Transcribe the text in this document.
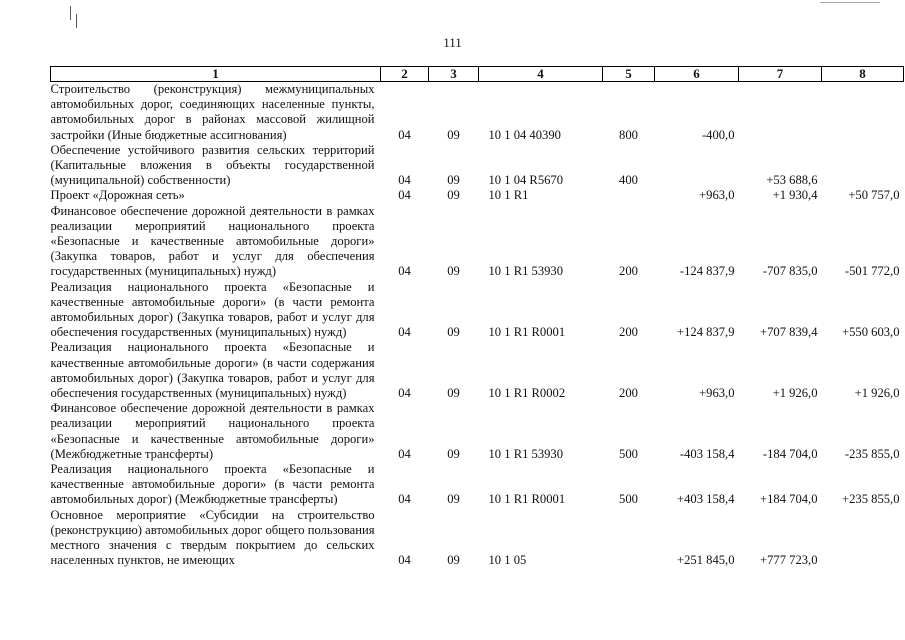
111
1	2	3	4	5	6	7	8
Строительство (реконструкция) межмуниципальных автомобильных дорог, соединяющих населенные пункты, автомобильных дорог в районах массовой жилищной застройки (Иные бюджетные ассигнования)	04	09	10 1 04 40390	800	-400,0		
Обеспечение устойчивого развития сельских территорий (Капитальные вложения в объекты государственной (муниципальной) собственности)	04	09	10 1 04 R5670	400		+53 688,6	
Проект «Дорожная сеть»	04	09	10 1 R1		+963,0	+1 930,4	+50 757,0
Финансовое обеспечение дорожной деятельности в рамках реализации мероприятий национального проекта «Безопасные и качественные автомобильные дороги» (Закупка товаров, работ и услуг для обеспечения государственных (муниципальных) нужд)	04	09	10 1 R1 53930	200	-124 837,9	-707 835,0	-501 772,0
Реализация национального проекта «Безопасные и качественные автомобильные дороги» (в части ремонта автомобильных дорог) (Закупка товаров, работ и услуг для обеспечения государственных (муниципальных) нужд)	04	09	10 1 R1 R0001	200	+124 837,9	+707 839,4	+550 603,0
Реализация национального проекта «Безопасные и качественные автомобильные дороги» (в части содержания автомобильных дорог) (Закупка товаров, работ и услуг для обеспечения государственных (муниципальных) нужд)	04	09	10 1 R1 R0002	200	+963,0	+1 926,0	+1 926,0
Финансовое обеспечение дорожной деятельности в рамках реализации мероприятий национального проекта «Безопасные и качественные автомобильные дороги» (Межбюджетные трансферты)	04	09	10 1 R1 53930	500	-403 158,4	-184 704,0	-235 855,0
Реализация национального проекта «Безопасные и качественные автомобильные дороги» (в части ремонта автомобильных дорог) (Межбюджетные трансферты)	04	09	10 1 R1 R0001	500	+403 158,4	+184 704,0	+235 855,0
Основное мероприятие «Субсидии на строительство (реконструкцию) автомобильных дорог общего пользования местного значения с твердым покрытием до сельских населенных пунктов, не имеющих	04	09	10 1 05		+251 845,0	+777 723,0	
